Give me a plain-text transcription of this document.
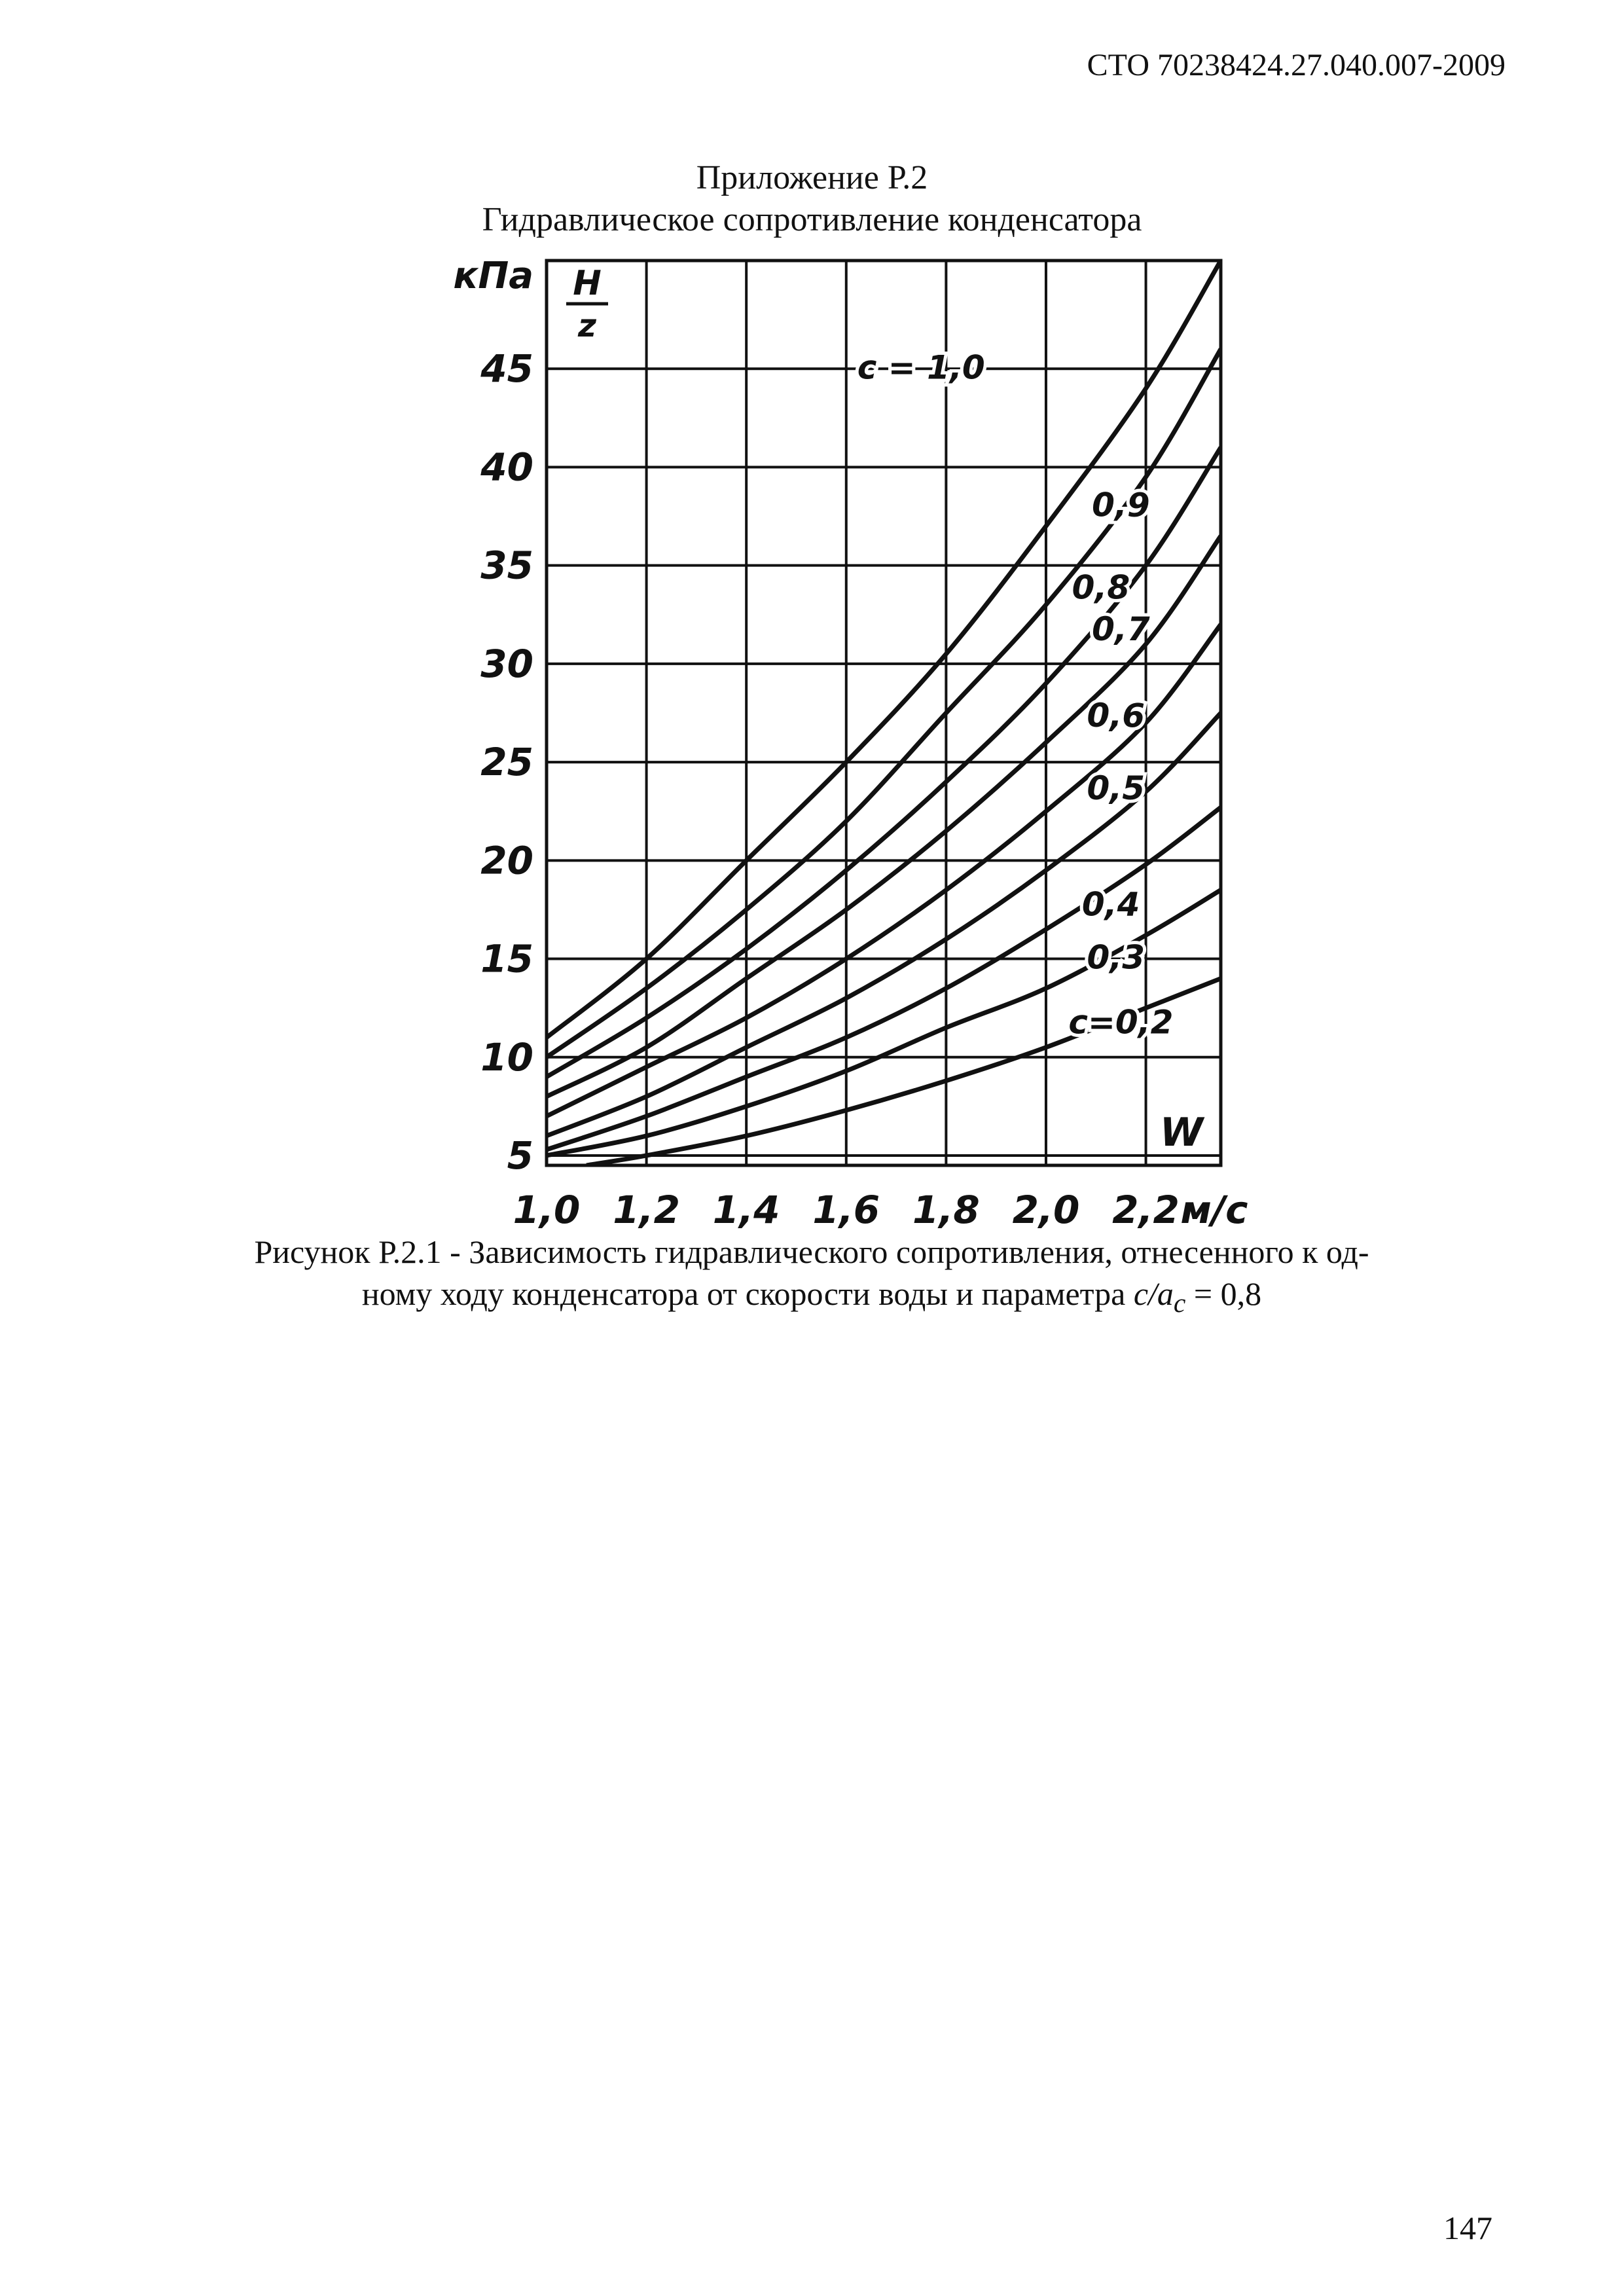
СТО 70238424.27.040.007-2009
Приложение Р.2
Гидравлическое сопротивление конденсатора
1,0 1,2 1,4 1,6 1,8 2,0 2,2 м/с
W
5
10
15
20
25
30
35
40
45
кПа H
z
с = 1,0
0,9
0,8
0,7
0,6
0,5
0,4
0,3
с=0,2
Рисунок Р.2.1 - Зависимость гидравлического сопротивления, отнесенного к од-
ному ходу конденсатора от скорости воды и параметра $c/a_c = 0,8$
147
